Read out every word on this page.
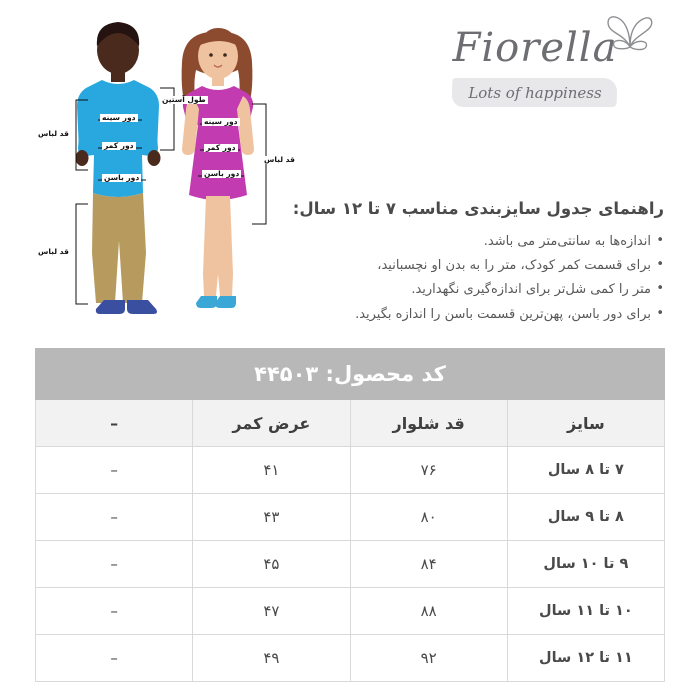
طول آستین
قد لباس
دور سینه
دور کمر
دور باسن
قد لباس
دور سینه
دور کمر
دور باسن
قد لباس
Fiorella
Lots of happiness
راهنمای جدول سایزبندی مناسب ۷ تا ۱۲ سال:
• اندازه‌ها به سانتی‌متر می باشد.
• برای قسمت کمر کودک، متر را به بدن او نچسبانید،
• متر را کمی شل‌تر برای اندازه‌گیری نگهدارید.
• برای دور باسن، پهن‌ترین قسمت باسن را اندازه بگیرید.
کد محصول: ۴۴۵۰۳			
سایز	قد شلوار	عرض کمر	–
۷ تا ۸ سال	۷۶	۴۱	–
۸ تا ۹ سال	۸۰	۴۳	–
۹ تا ۱۰ سال	۸۴	۴۵	–
۱۰ تا ۱۱ سال	۸۸	۴۷	–
۱۱ تا ۱۲ سال	۹۲	۴۹	–
